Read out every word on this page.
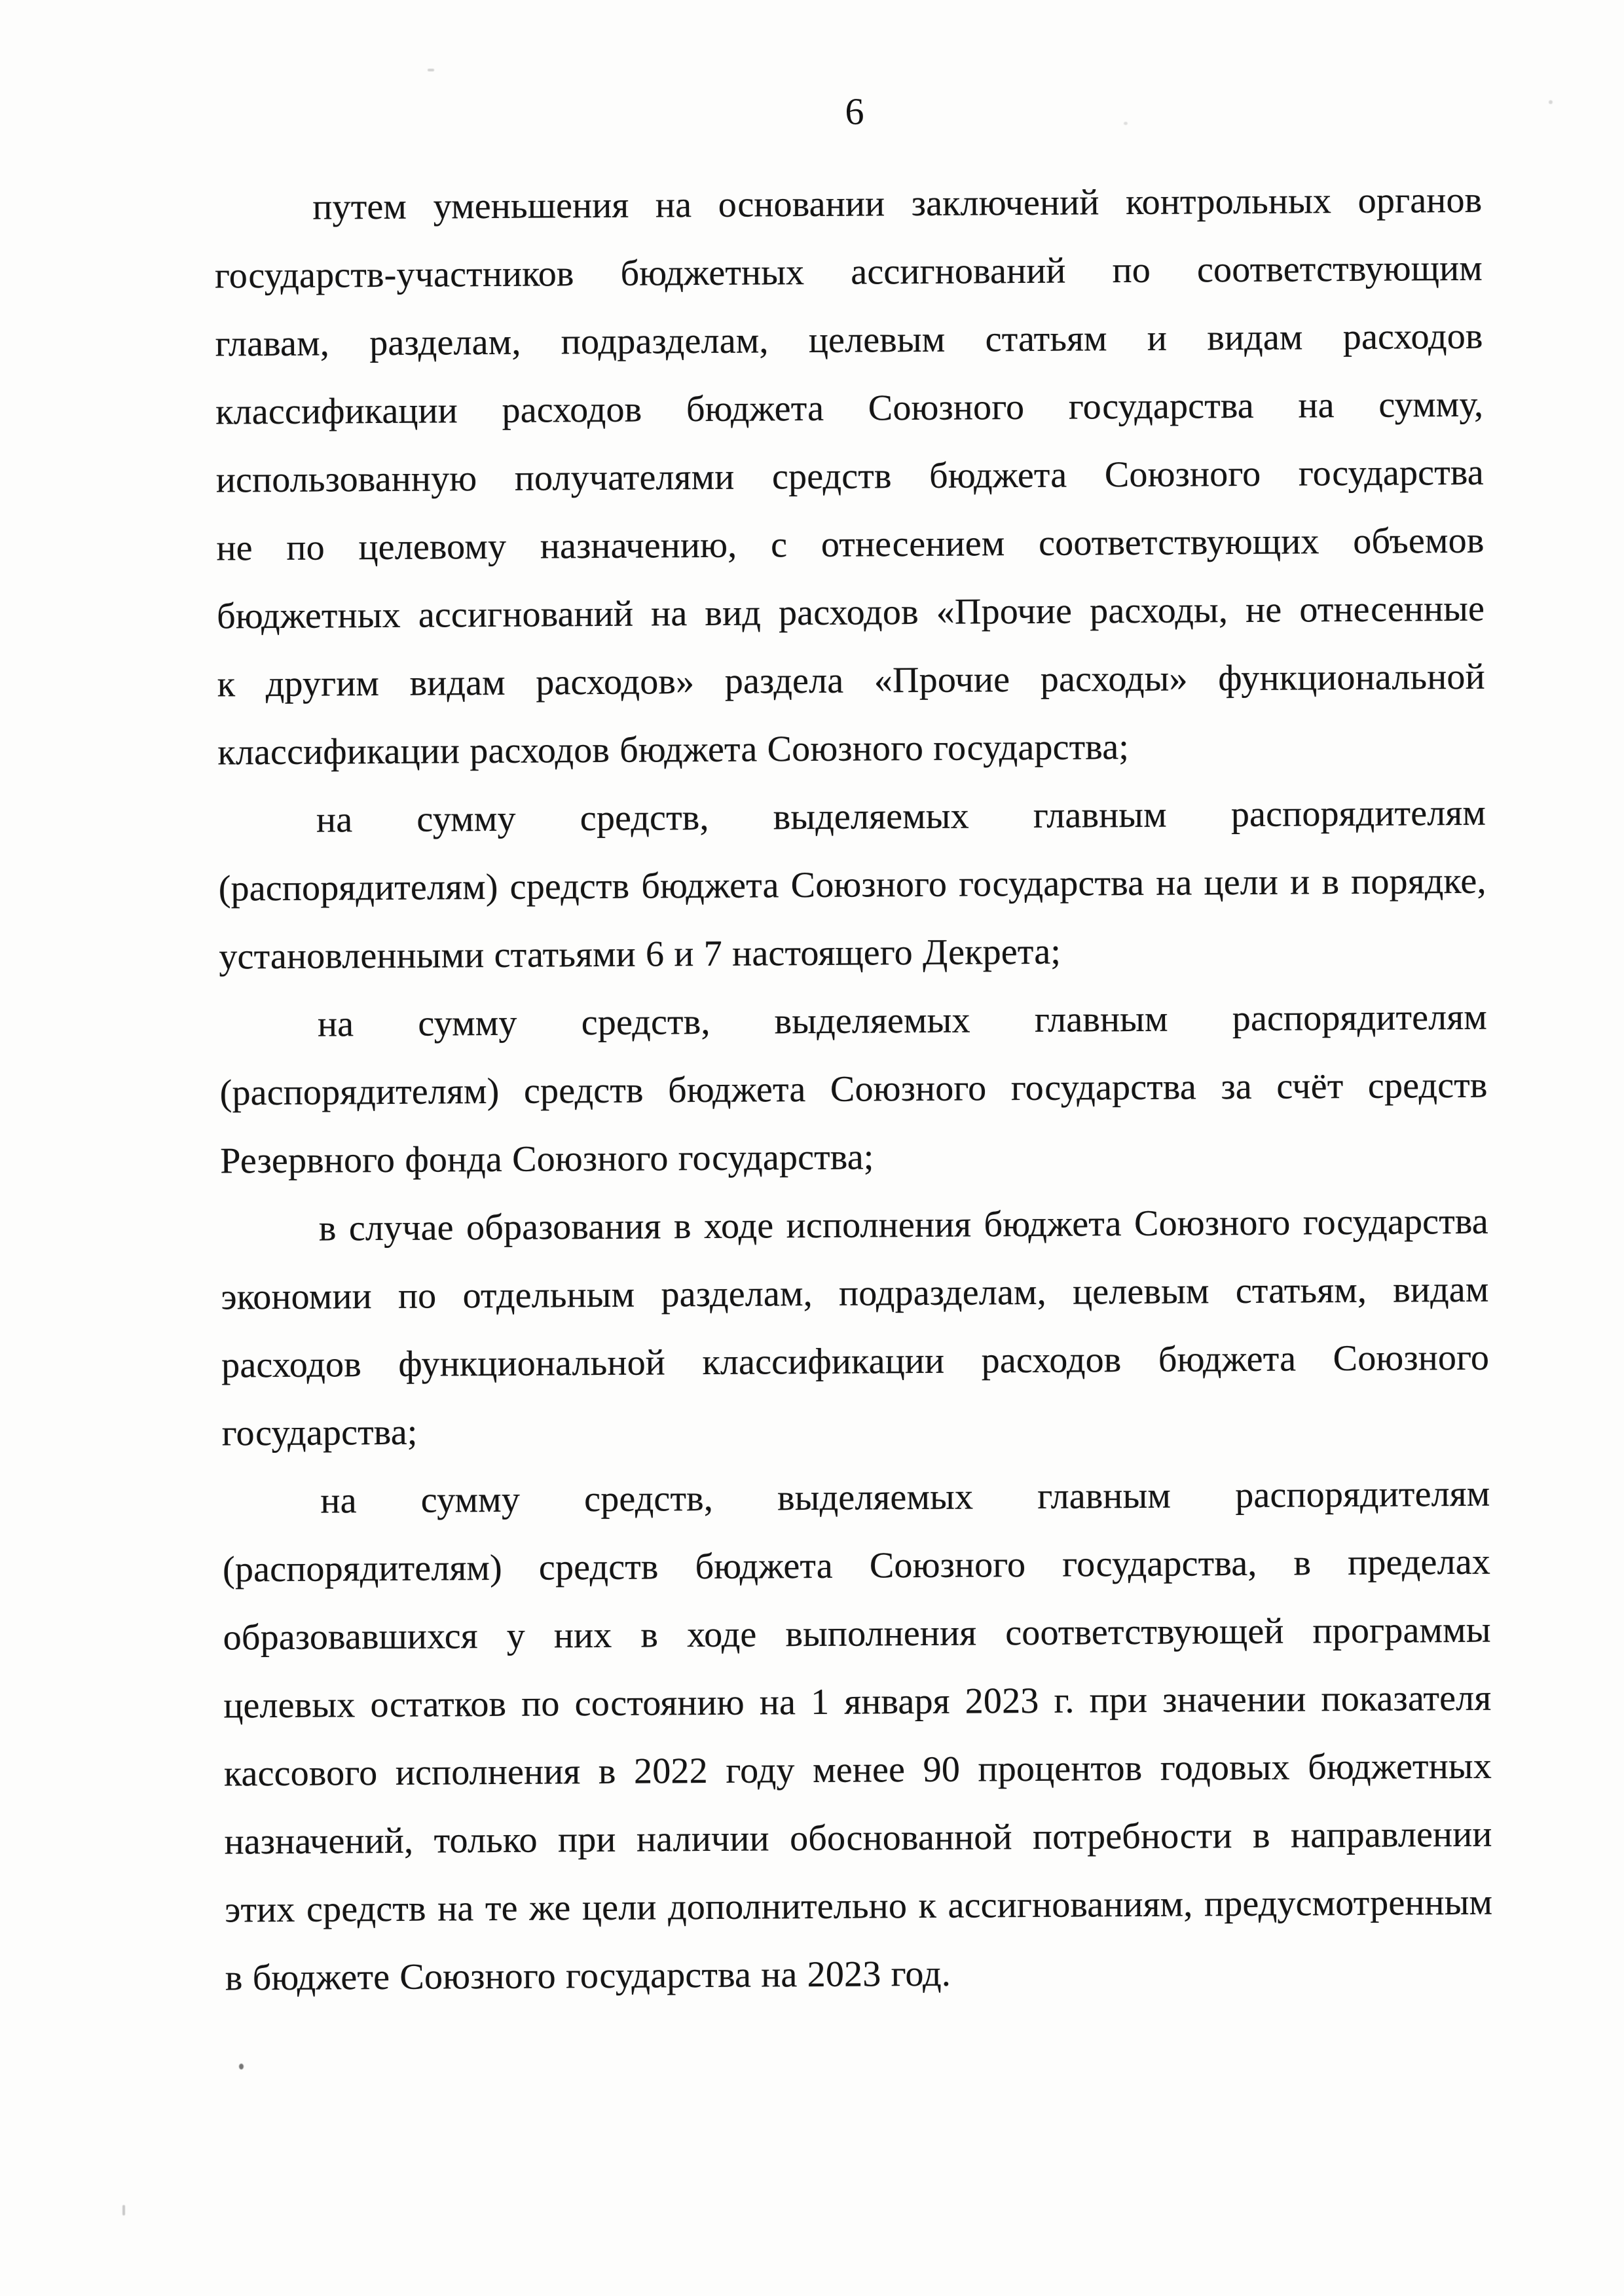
6
путем уменьшения на основании заключений контрольных органов
государств-участников бюджетных ассигнований по соответствующим
главам, разделам, подразделам, целевым статьям и видам расходов
классификации расходов бюджета Союзного государства на сумму,
использованную получателями средств бюджета Союзного государства
не по целевому назначению, с отнесением соответствующих объемов
бюджетных ассигнований на вид расходов «Прочие расходы, не отнесенные
к другим видам расходов» раздела «Прочие расходы» функциональной
классификации расходов бюджета Союзного государства;
на сумму средств, выделяемых главным распорядителям
(распорядителям) средств бюджета Союзного государства на цели и в порядке,
установленными статьями 6 и 7 настоящего Декрета;
на сумму средств, выделяемых главным распорядителям
(распорядителям) средств бюджета Союзного государства за счёт средств
Резервного фонда Союзного государства;
в случае образования в ходе исполнения бюджета Союзного государства
экономии по отдельным разделам, подразделам, целевым статьям, видам
расходов функциональной классификации расходов бюджета Союзного
государства;
на сумму средств, выделяемых главным распорядителям
(распорядителям) средств бюджета Союзного государства, в пределах
образовавшихся у них в ходе выполнения соответствующей программы
целевых остатков по состоянию на 1 января 2023 г. при значении показателя
кассового исполнения в 2022 году менее 90 процентов годовых бюджетных
назначений, только при наличии обоснованной потребности в направлении
этих средств на те же цели дополнительно к ассигнованиям, предусмотренным
в бюджете Союзного государства на 2023 год.
